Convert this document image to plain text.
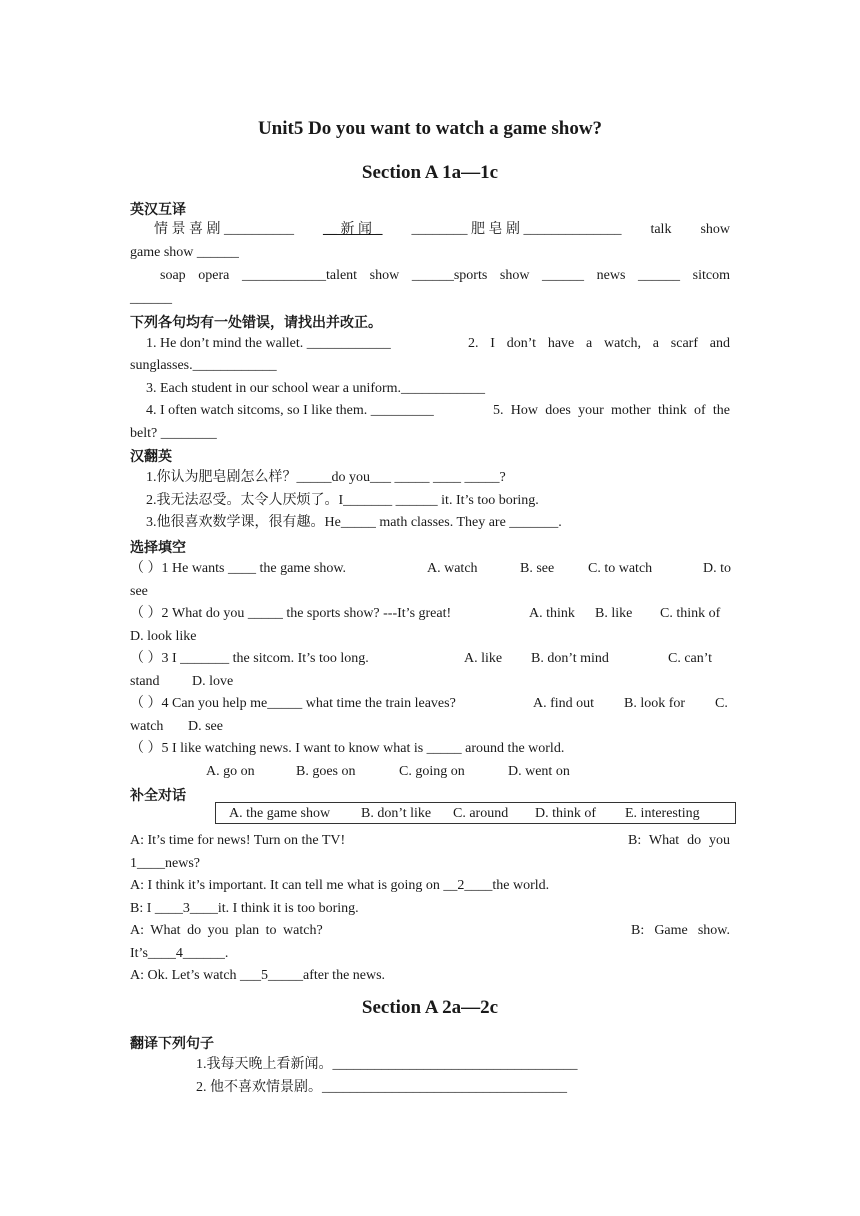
Unit5 Do you want to watch a game show?
Section A 1a—1c
英汉互译
情 景 喜 剧 __________ __ 新 闻 _ ________ 肥 皂 剧 ______________ talk show
game show ______
soap opera ____________talent show ______sports show ______ news ______ sitcom
______
下列各句均有一处错误，请找出并改正。
1. He don’t mind the wallet. ____________	2. I don’t have a watch, a scarf and
sunglasses.____________
3. Each student in our school wear a uniform.____________
4. I often watch sitcoms, so I like them. _________	5. How does your mother think of the
belt? ________
汉翻英
1.你认为肥皂剧怎么样？_____do you___ _____ ____ _____?
2.我无法忍受。太令人厌烦了。I_______ ______ it. It’s too boring.
3.他很喜欢数学课，很有趣。He_____ math classes. They are _______.
选择填空
（ ）1 He wants ____ the game show.	A. watch	B. see C. to watch	D. to
see
（ ）2 What do you _____ the sports show? ---It’s great!	A. think B. like C. think of
D. look like
（ ）3 I _______ the sitcom. It’s too long.	A. like B. don’t mind	C. can’t
stand D. love
（ ）4 Can you help me_____ what time the train leaves?	A. find out B. look for C.
watch D. see
（ ）5 I like watching news. I want to know what is _____ around the world.
A. go on	B. goes on	C. going on	D. went on
补全对话
A. the game show B. don’t like C. around D. think of E. interesting
A: It’s time for news! Turn on the TV!	B: What do you
1____news?
A: I think it’s important. It can tell me what is going on __2____the world.
B: I ____3____it. I think it is too boring.
A: What do you plan to watch?	B: Game show.
It’s____4______.
A: Ok. Let’s watch ___5_____after the news.
Section A 2a—2c
翻译下列句子
1.我每天晚上看新闻。___________________________________
2. 他不喜欢情景剧。___________________________________
